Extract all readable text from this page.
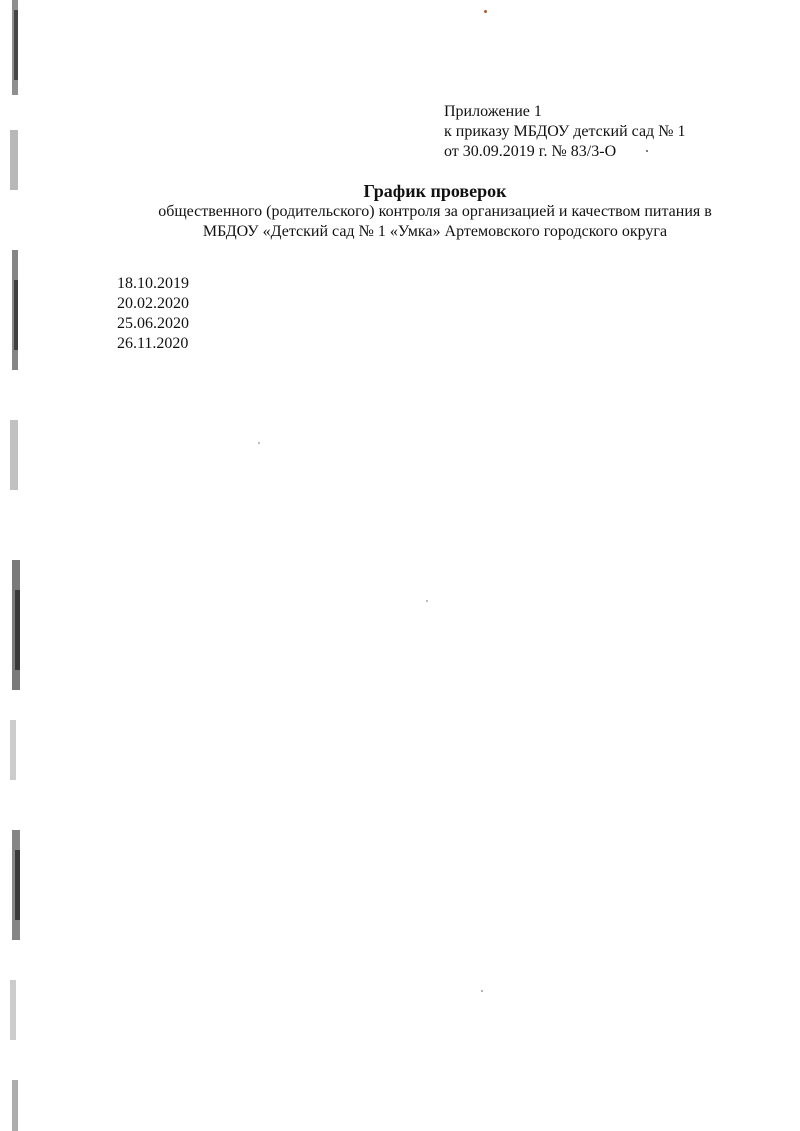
Приложение 1
к приказу МБДОУ детский сад № 1
от 30.09.2019 г. № 83/3-О

График проверок

общественного (родительского) контроля за организацией и качеством питания в

МБДОУ «Детский сад № 1 «Умка» Артемовского городского округа

18.10.2019
20.02.2020
25.06.2020
26.11.2020
